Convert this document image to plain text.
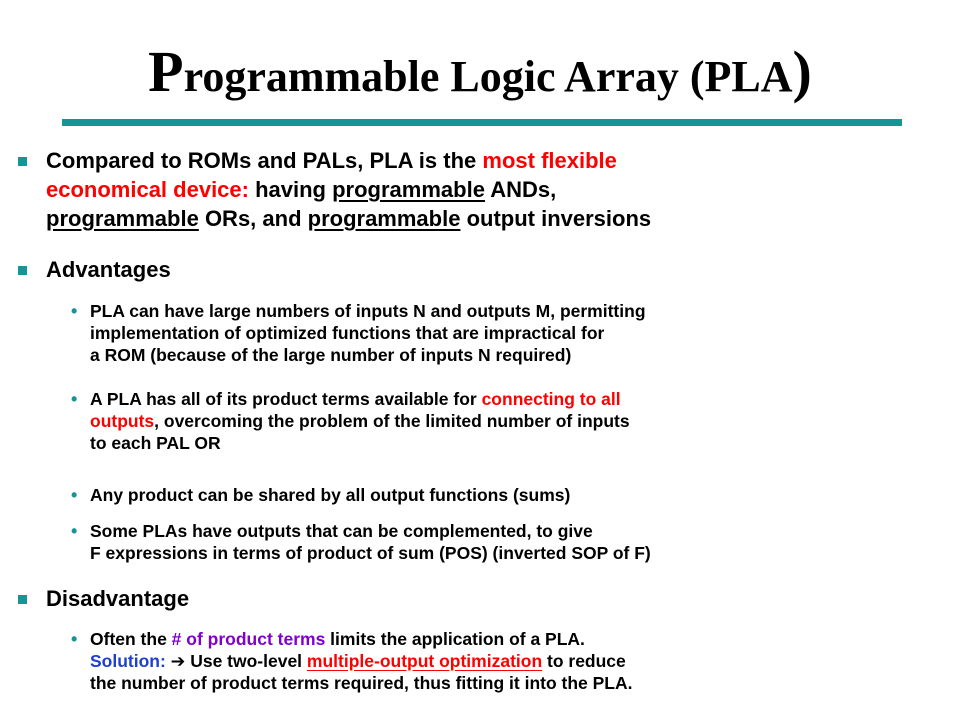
Programmable Logic Array (PLA)
Compared to ROMs and PALs, PLA is the most flexible
economical device: having programmable ANDs,
programmable ORs, and programmable output inversions
Advantages
• PLA can have large numbers of inputs N and outputs M, permitting
implementation of optimized functions that are impractical for
a ROM (because of the large number of inputs N required)
• A PLA has all of its product terms available for connecting to all
outputs, overcoming the problem of the limited number of inputs
to each PAL OR
• Any product can be shared by all output functions (sums)
• Some PLAs have outputs that can be complemented, to give
F expressions in terms of product of sum (POS) (inverted SOP of F)
Disadvantage
• Often the # of product terms limits the application of a PLA.
Solution: ➔ Use two-level multiple-output optimization to reduce
the number of product terms required, thus fitting it into the PLA.
